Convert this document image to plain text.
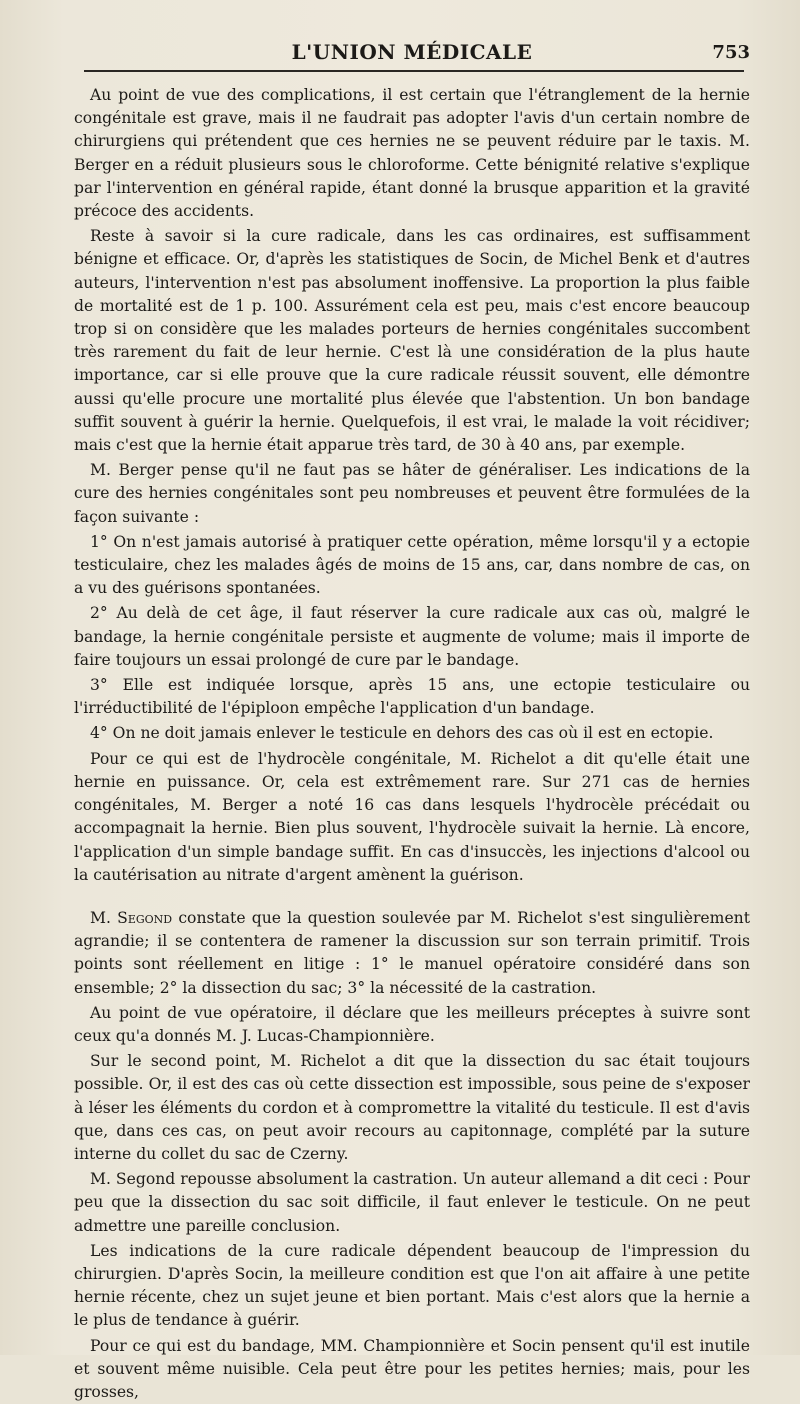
L'UNION MÉDICALE	753

Au point de vue des complications, il est certain que l'étranglement de la hernie congénitale est grave, mais il ne faudrait pas adopter l'avis d'un certain nombre de chirurgiens qui prétendent que ces hernies ne se peuvent réduire par le taxis. M. Berger en a réduit plusieurs sous le chloroforme. Cette bénignité relative s'explique par l'intervention en général rapide, étant donné la brusque apparition et la gravité précoce des accidents.

Reste à savoir si la cure radicale, dans les cas ordinaires, est suffisamment bénigne et efficace. Or, d'après les statistiques de Socin, de Michel Benk et d'autres auteurs, l'intervention n'est pas absolument inoffensive. La proportion la plus faible de mortalité est de 1 p. 100. Assurément cela est peu, mais c'est encore beaucoup trop si on considère que les malades porteurs de hernies congénitales succombent très rarement du fait de leur hernie. C'est là une considération de la plus haute importance, car si elle prouve que la cure radicale réussit souvent, elle démontre aussi qu'elle procure une mortalité plus élevée que l'abstention. Un bon bandage suffit souvent à guérir la hernie. Quelquefois, il est vrai, le malade la voit récidiver; mais c'est que la hernie était apparue très tard, de 30 à 40 ans, par exemple.

M. Berger pense qu'il ne faut pas se hâter de généraliser. Les indications de la cure des hernies congénitales sont peu nombreuses et peuvent être formulées de la façon suivante :

1° On n'est jamais autorisé à pratiquer cette opération, même lorsqu'il y a ectopie testiculaire, chez les malades âgés de moins de 15 ans, car, dans nombre de cas, on a vu des guérisons spontanées.

2° Au delà de cet âge, il faut réserver la cure radicale aux cas où, malgré le bandage, la hernie congénitale persiste et augmente de volume; mais il importe de faire toujours un essai prolongé de cure par le bandage.

3° Elle est indiquée lorsque, après 15 ans, une ectopie testiculaire ou l'irréductibilité de l'épiploon empêche l'application d'un bandage.

4° On ne doit jamais enlever le testicule en dehors des cas où il est en ectopie.

Pour ce qui est de l'hydrocèle congénitale, M. Richelot a dit qu'elle était une hernie en puissance. Or, cela est extrêmement rare. Sur 271 cas de hernies congénitales, M. Berger a noté 16 cas dans lesquels l'hydrocèle précédait ou accompagnait la hernie. Bien plus souvent, l'hydrocèle suivait la hernie. Là encore, l'application d'un simple bandage suffit. En cas d'insuccès, les injections d'alcool ou la cautérisation au nitrate d'argent amènent la guérison.

M. Segond constate que la question soulevée par M. Richelot s'est singulièrement agrandie; il se contentera de ramener la discussion sur son terrain primitif. Trois points sont réellement en litige : 1° le manuel opératoire considéré dans son ensemble; 2° la dissection du sac; 3° la nécessité de la castration.

Au point de vue opératoire, il déclare que les meilleurs préceptes à suivre sont ceux qu'a donnés M. J. Lucas-Championnière.

Sur le second point, M. Richelot a dit que la dissection du sac était toujours possible. Or, il est des cas où cette dissection est impossible, sous peine de s'exposer à léser les éléments du cordon et à compromettre la vitalité du testicule. Il est d'avis que, dans ces cas, on peut avoir recours au capitonnage, complété par la suture interne du collet du sac de Czerny.

M. Segond repousse absolument la castration. Un auteur allemand a dit ceci : Pour peu que la dissection du sac soit difficile, il faut enlever le testicule. On ne peut admettre une pareille conclusion.

Les indications de la cure radicale dépendent beaucoup de l'impression du chirurgien. D'après Socin, la meilleure condition est que l'on ait affaire à une petite hernie récente, chez un sujet jeune et bien portant. Mais c'est alors que la hernie a le plus de tendance à guérir.

Pour ce qui est du bandage, MM. Championnière et Socin pensent qu'il est inutile et souvent même nuisible. Cela peut être pour les petites hernies; mais, pour les grosses,
